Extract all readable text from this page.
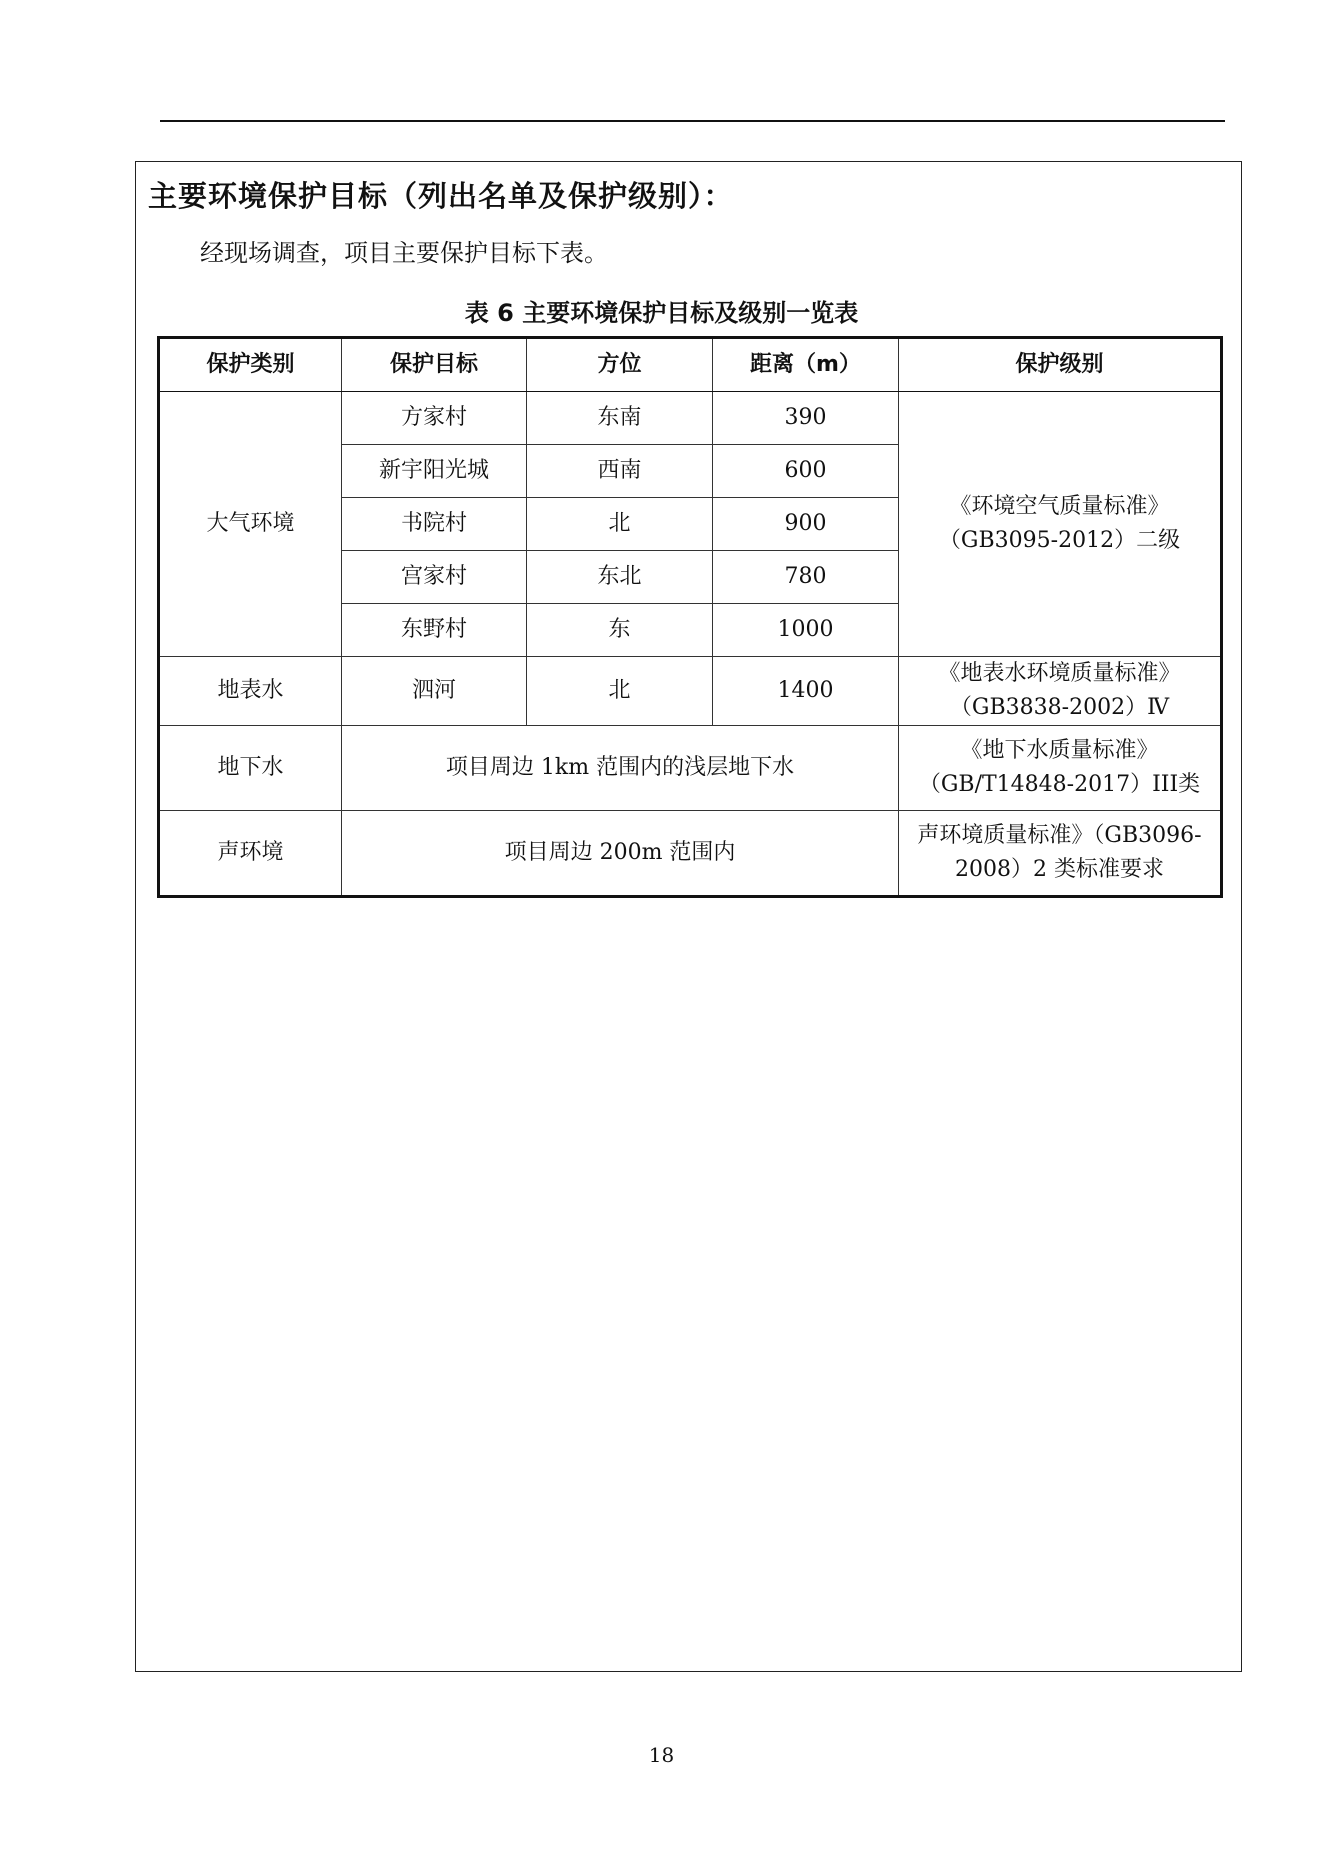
主要环境保护目标（列出名单及保护级别）：
经现场调查，项目主要保护目标下表。
表 6 主要环境保护目标及级别一览表
保护类别	保护目标	方位	距离（m）	保护级别
大气环境	方家村	东南	390	《环境空气质量标准》
（GB3095-2012）二级

	新宇阳光城	西南	600	
	书院村	北	900	
	宫家村	东北	780	
	东野村	东	1000	
地表水	泗河	北	1400	《地表水环境质量标准》
（GB3838-2002）Ⅳ

地下水	项目周边 1km 范围内的浅层地下水			《地下水质量标准》
（GB/T14848-2017）III类

声环境	项目周边 200m 范围内			声环境质量标准》（GB3096-
2008）2 类标准要求
18
